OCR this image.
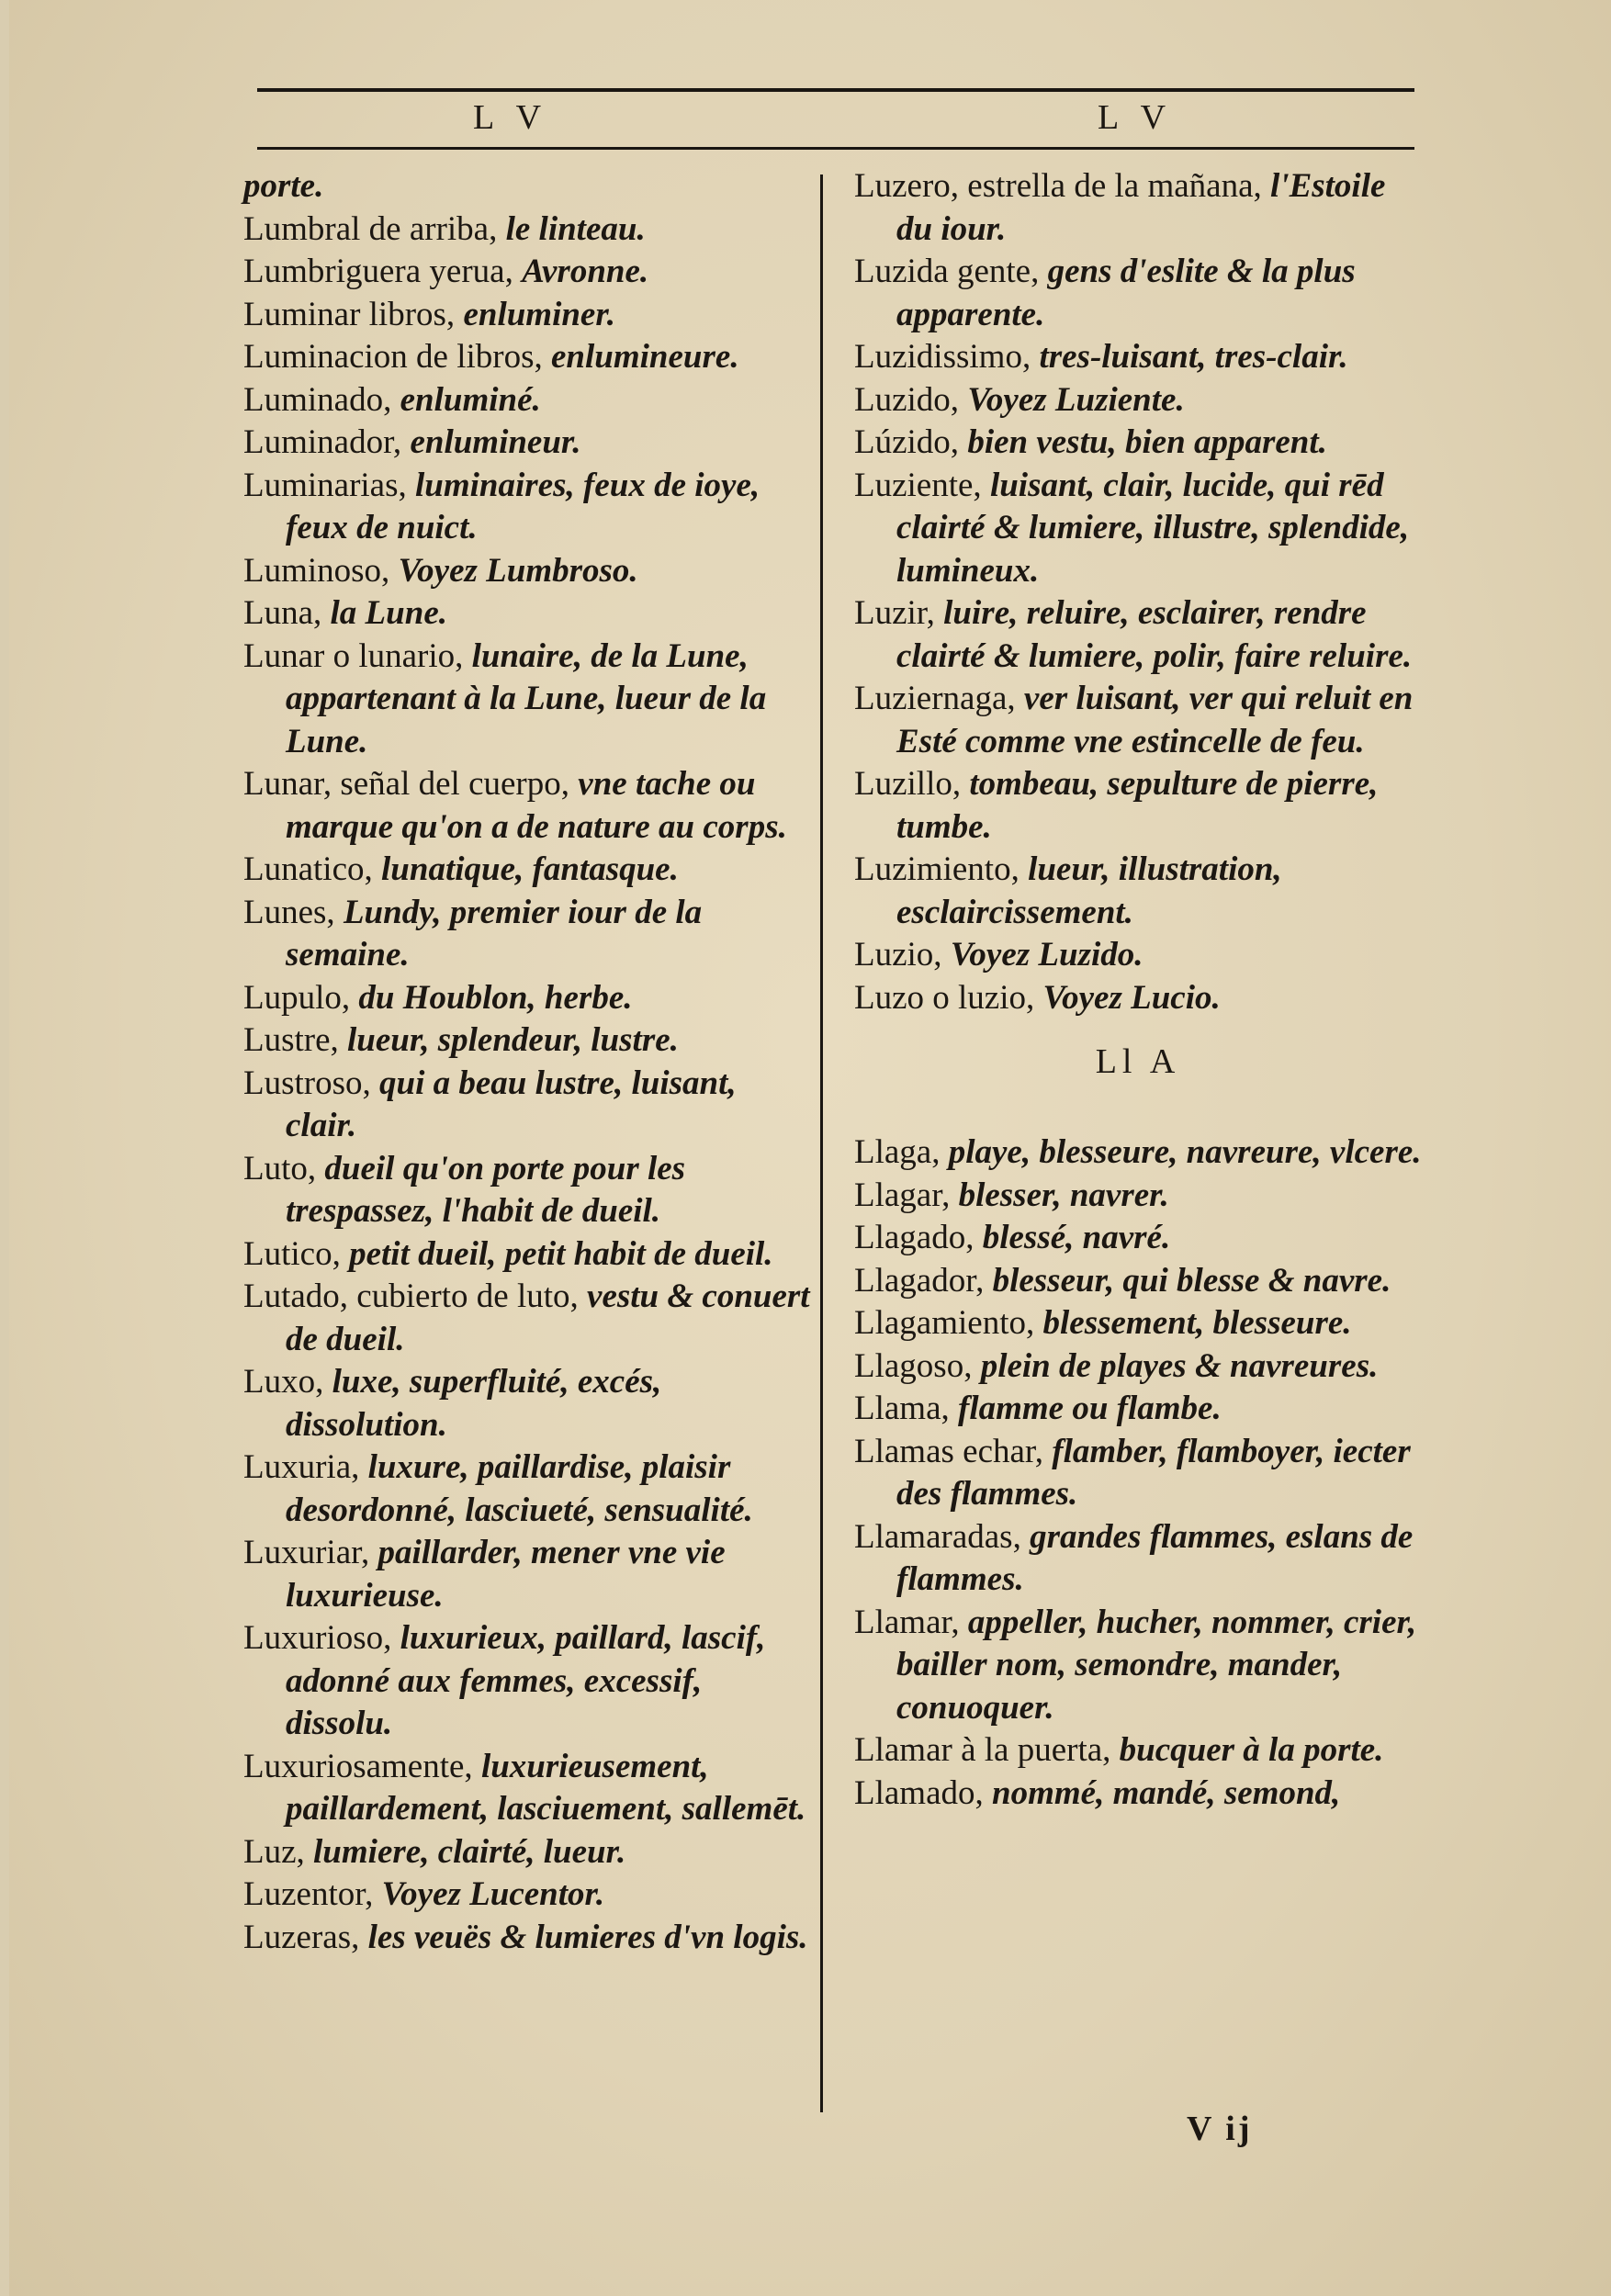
L V	L V

porte.

Lumbral de arriba, le linteau.

Lumbriguera yerua, Avronne.

Luminar libros, enluminer.

Luminacion de libros, enlumineure.

Luminado, enluminé.

Luminador, enlumineur.

Luminarias, luminaires, feux de ioye, feux de nuict.

Luminoso, Voyez Lumbroso.

Luna, la Lune.

Lunar o lunario, lunaire, de la Lune, appartenant à la Lune, lueur de la Lune.

Lunar, señal del cuerpo, vne tache ou marque qu'on a de nature au corps.

Lunatico, lunatique, fantasque.

Lunes, Lundy, premier iour de la semaine.

Lupulo, du Houblon, herbe.

Lustre, lueur, splendeur, lustre.

Lustroso, qui a beau lustre, luisant, clair.

Luto, dueil qu'on porte pour les trespassez, l'habit de dueil.

Lutico, petit dueil, petit habit de dueil.

Lutado, cubierto de luto, vestu & conuert de dueil.

Luxo, luxe, superfluité, excés, dissolution.

Luxuria, luxure, paillardise, plaisir desordonné, lasciueté, sensualité.

Luxuriar, paillarder, mener vne vie luxurieuse.

Luxurioso, luxurieux, paillard, lascif, adonné aux femmes, excessif, dissolu.

Luxuriosamente, luxurieusement, paillardement, lasciuement, sallemēt.

Luz, lumiere, clairté, lueur.

Luzentor, Voyez Lucentor.

Luzeras, les veuës & lumieres d'vn logis.

Luzero, estrella de la mañana, l'Estoile du iour.

Luzida gente, gens d'eslite & la plus apparente.

Luzidissimo, tres-luisant, tres-clair.

Luzido, Voyez Luziente.

Lúzido, bien vestu, bien apparent.

Luziente, luisant, clair, lucide, qui rēd clairté & lumiere, illustre, splendide, lumineux.

Luzir, luire, reluire, esclairer, rendre clairté & lumiere, polir, faire reluire.

Luziernaga, ver luisant, ver qui reluit en Esté comme vne estincelle de feu.

Luzillo, tombeau, sepulture de pierre, tumbe.

Luzimiento, lueur, illustration, esclaircissement.

Luzio, Voyez Luzido.

Luzo o luzio, Voyez Lucio.

Ll A

Llaga, playe, blesseure, navreure, vlcere.

Llagar, blesser, navrer.

Llagado, blessé, navré.

Llagador, blesseur, qui blesse & navre.

Llagamiento, blessement, blesseure.

Llagoso, plein de playes & navreures.

Llama, flamme ou flambe.

Llamas echar, flamber, flamboyer, iecter des flammes.

Llamaradas, grandes flammes, eslans de flammes.

Llamar, appeller, hucher, nommer, crier, bailler nom, semondre, mander, conuoquer.

Llamar à la puerta, bucquer à la porte.

Llamado, nommé, mandé, semond,

V ij
